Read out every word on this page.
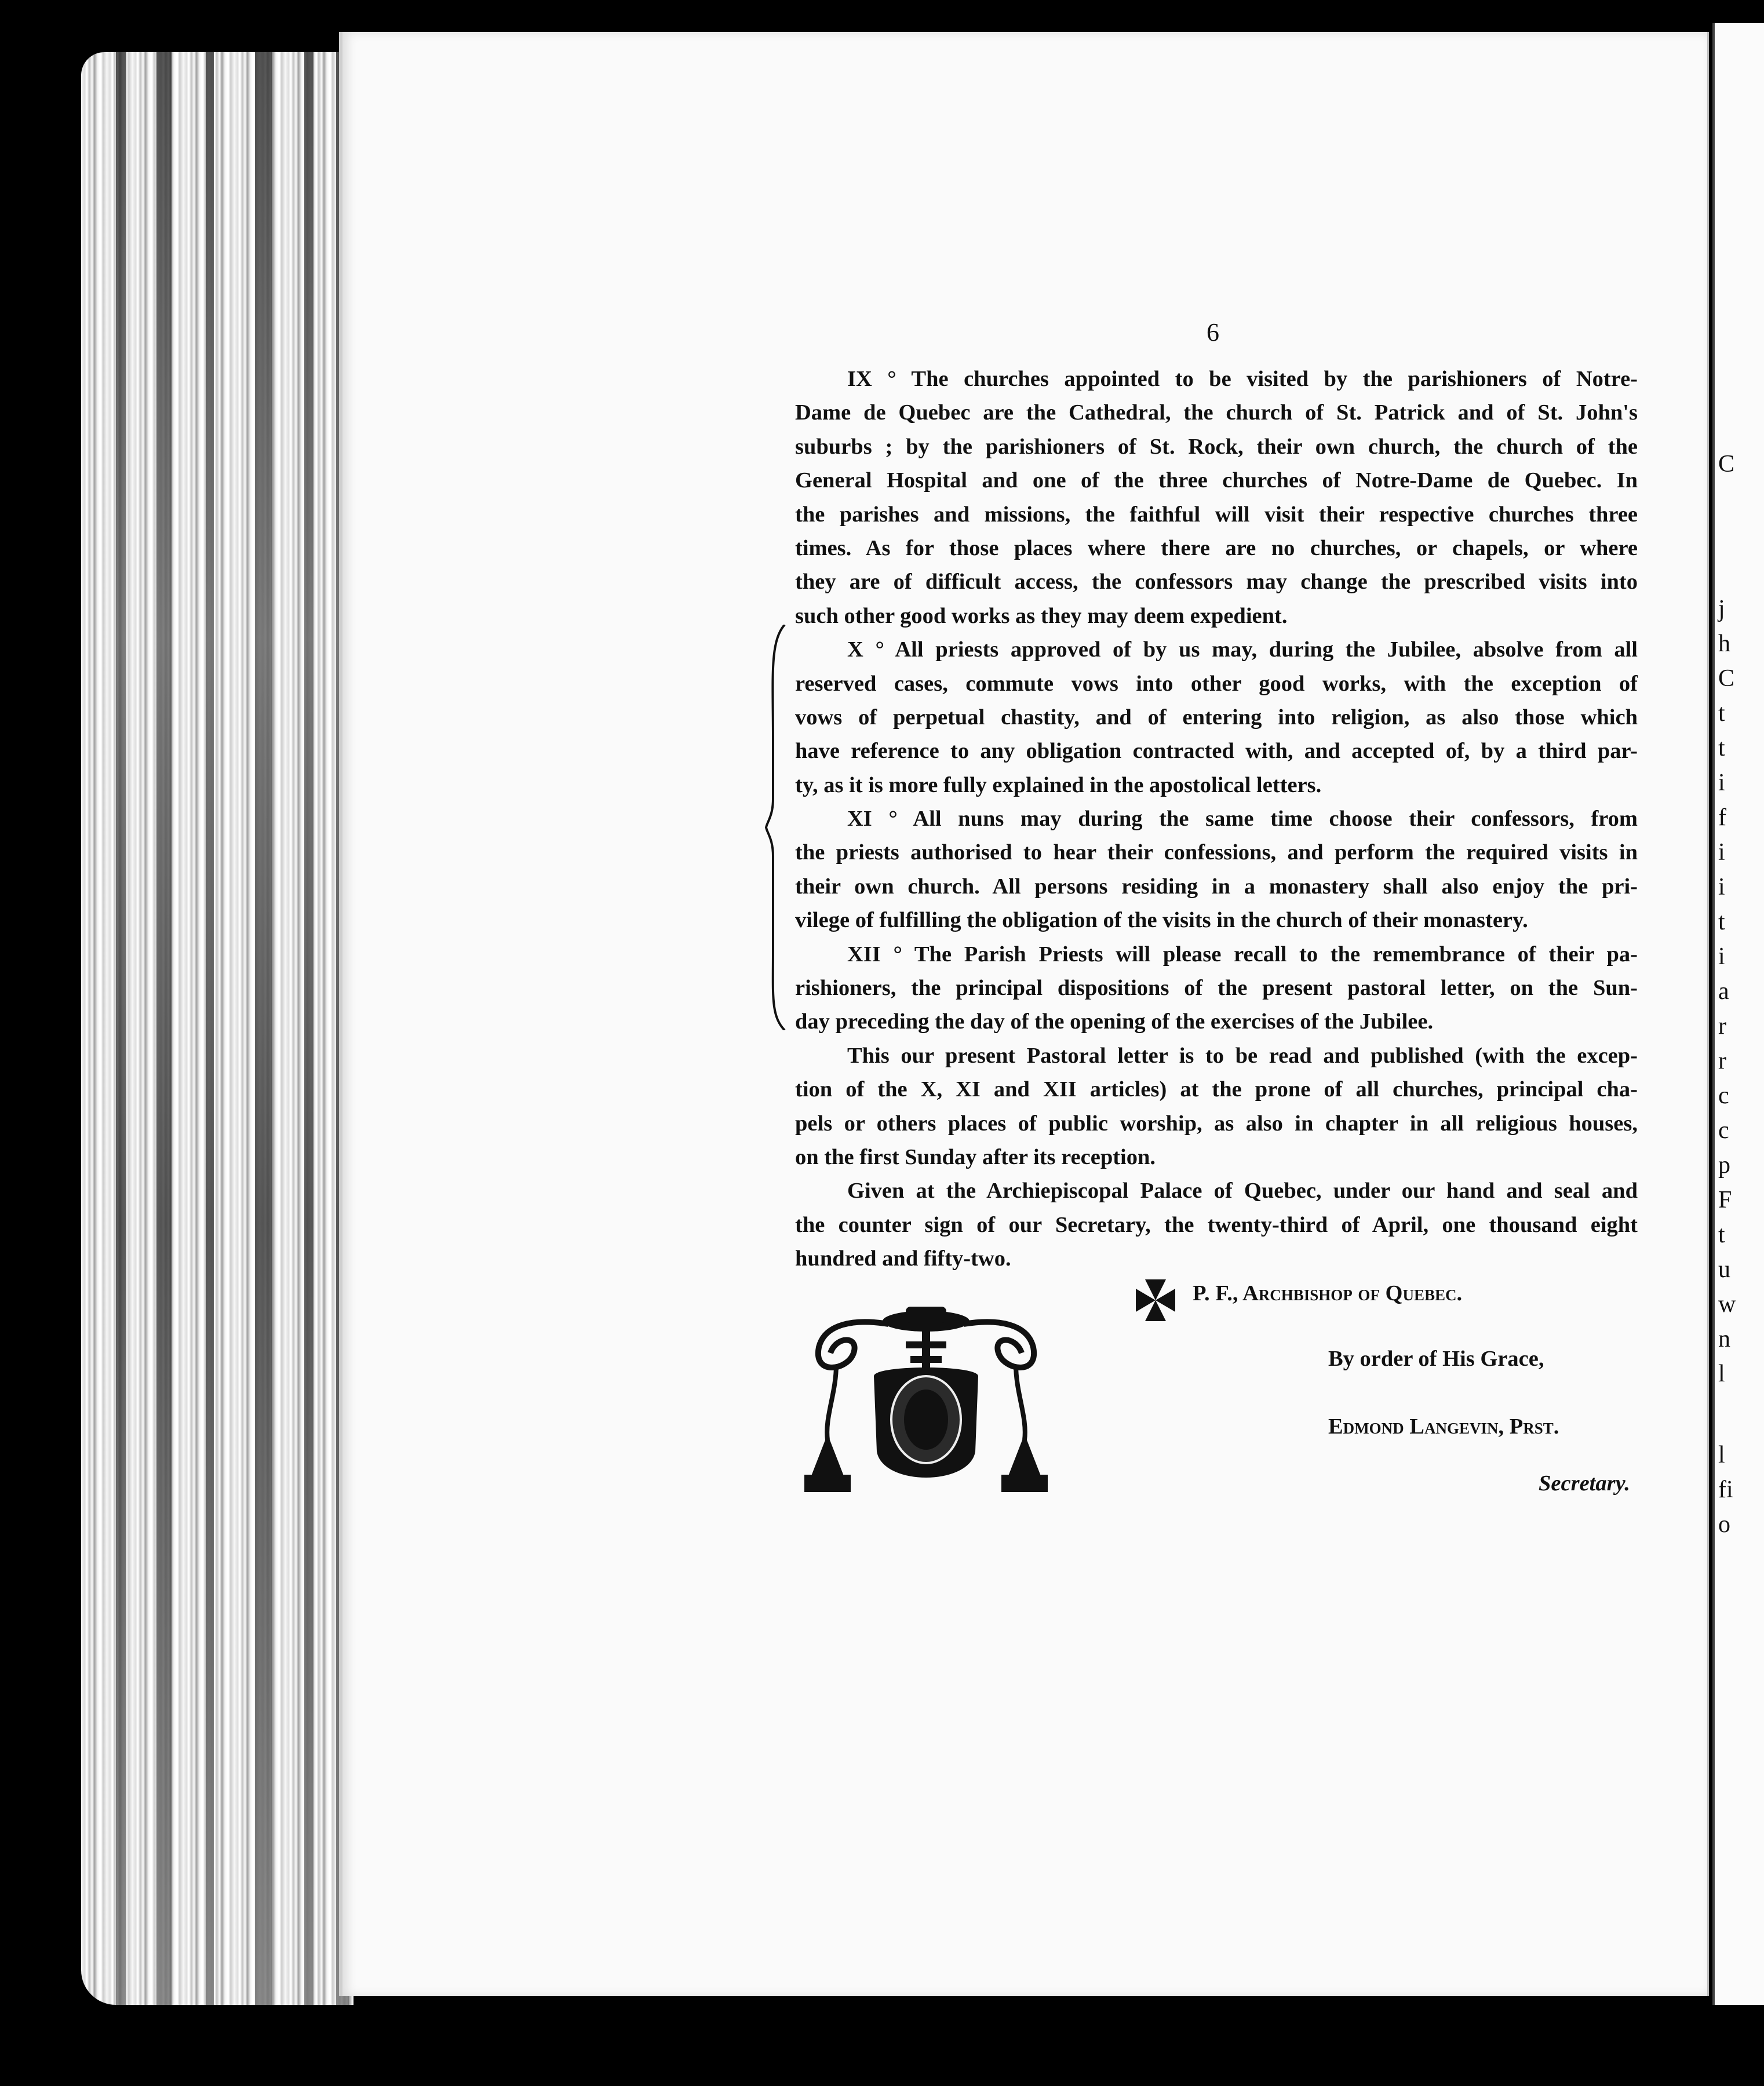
C
j
h
C
t
t
i
f
i
i
t
i
a
r
r
c
c
p
F
t
u
w
n
l
l
fi
o
6
IX ° The churches appointed to be visited by the parishioners of Notre-
Dame de Quebec are the Cathedral, the church of St. Patrick and of St. John's
suburbs ; by the parishioners of St. Rock, their own church, the church of the
General Hospital and one of the three churches of Notre-Dame de Quebec. In
the parishes and missions, the faithful will visit their respective churches three
times. As for those places where there are no churches, or chapels, or where
they are of difficult access, the confessors may change the prescribed visits into
such other good works as they may deem expedient.
X ° All priests approved of by us may, during the Jubilee, absolve from all
reserved cases, commute vows into other good works, with the exception of
vows of perpetual chastity, and of entering into religion, as also those which
have reference to any obligation contracted with, and accepted of, by a third par-
ty, as it is more fully explained in the apostolical letters.
XI ° All nuns may during the same time choose their confessors, from
the priests authorised to hear their confessions, and perform the required visits in
their own church. All persons residing in a monastery shall also enjoy the pri-
vilege of fulfilling the obligation of the visits in the church of their monastery.
XII ° The Parish Priests will please recall to the remembrance of their pa-
rishioners, the principal dispositions of the present pastoral letter, on the Sun-
day preceding the day of the opening of the exercises of the Jubilee.
This our present Pastoral letter is to be read and published (with the excep-
tion of the X, XI and XII articles) at the prone of all churches, principal cha-
pels or others places of public worship, as also in chapter in all religious houses,
on the first Sunday after its reception.
Given at the Archiepiscopal Palace of Quebec, under our hand and seal and
the counter sign of our Secretary, the twenty-third of April, one thousand eight
hundred and fifty-two.
P. F., Archbishop of Quebec.
By order of His Grace,
Edmond Langevin, Prst.
Secretary.
